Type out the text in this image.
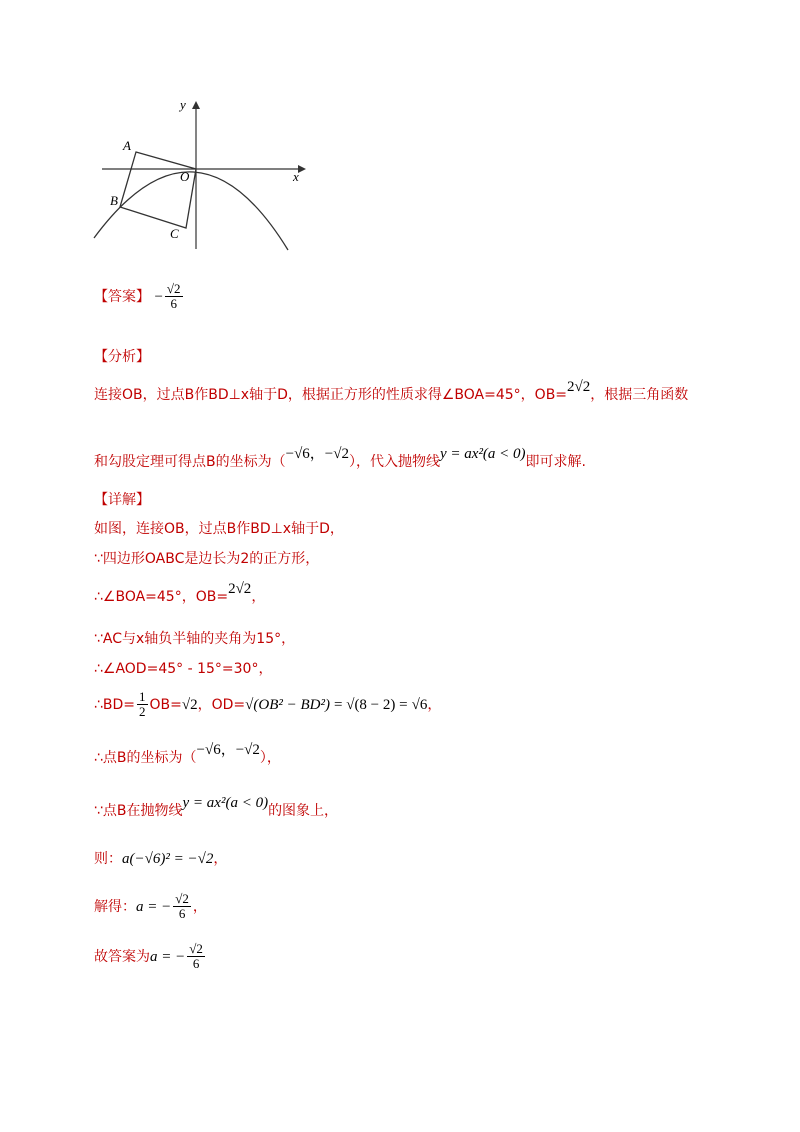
y
x
A
B
C
O
【答案】 − $\frac{√2}{6}$
【分析】
连接OB，过点B作BD⊥x轴于D，根据正方形的性质求得∠BOA=45°，OB=2√2，根据三角函数
和勾股定理可得点B的坐标为（−√6，−√2），代入抛物线y = ax²(a < 0)即可求解.
【详解】
如图，连接OB，过点B作BD⊥x轴于D，
∵四边形OABC是边长为2的正方形，
∴∠BOA=45°，OB=2√2，
∵AC与x轴负半轴的夹角为15°，
∴∠AOD=45° - 15°=30°，
∴BD= $\frac{1}{2} OB=√2$，OD=√(OB² − BD²) = √(8 − 2) = √6，
∴点B的坐标为（−√6，−√2），
∵点B在抛物线y = ax²(a < 0)的图象上，
则：a(−√6)² = −√2，
解得：a = − $\frac{√2}{6}$ ，
故答案为a = − $\frac{√2}{6}$
